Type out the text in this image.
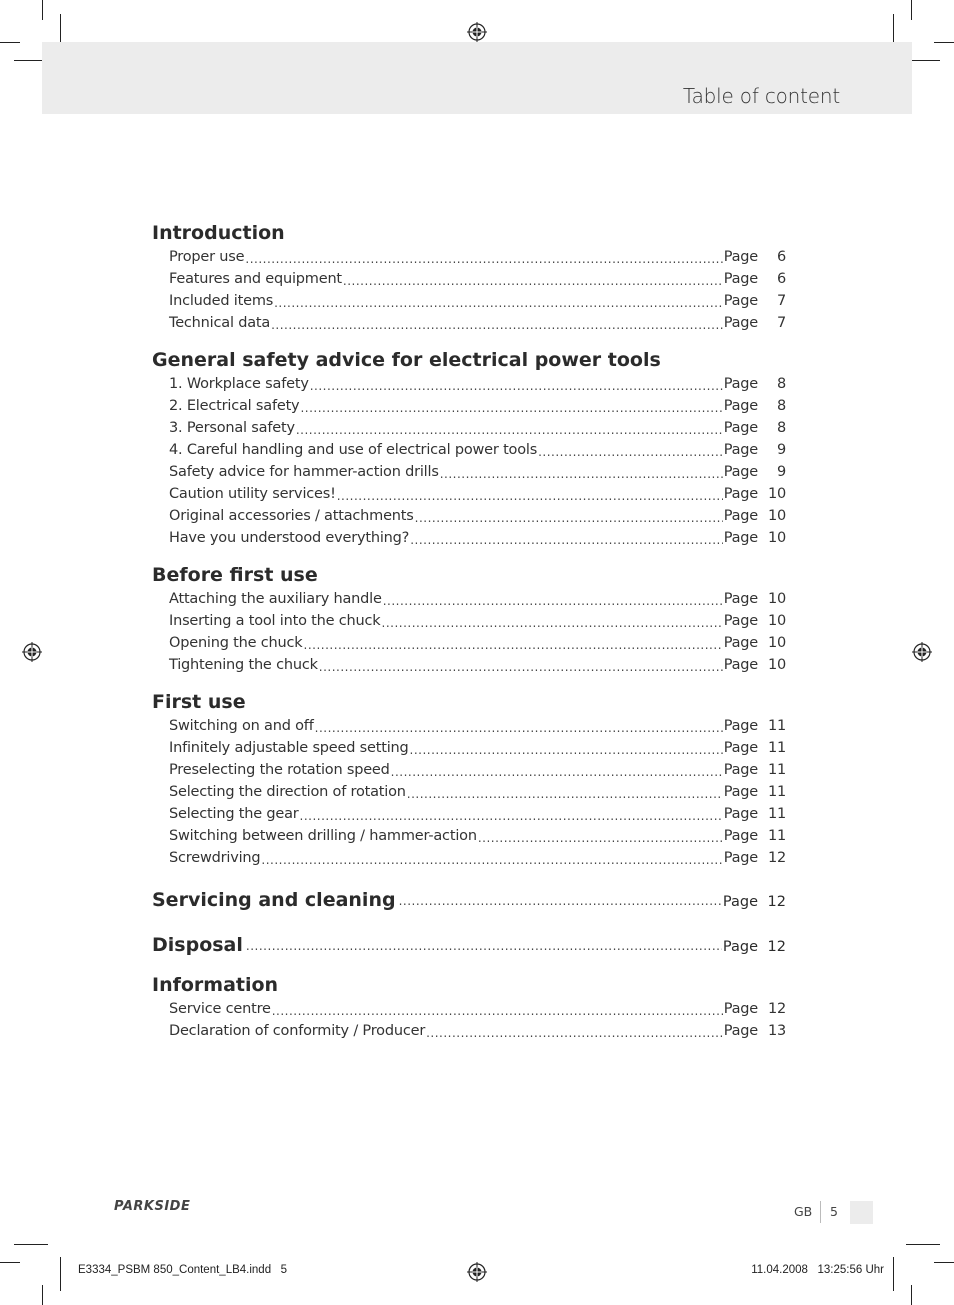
Table of content
Introduction
Proper use .....	Page	6
Features and equipment .....	Page	6
Included items .....	Page	7
Technical data .....	Page	7
General safety advice for electrical power tools
1. Workplace safety .....	Page	8
2. Electrical safety .....	Page	8
3. Personal safety .....	Page	8
4. Careful handling and use of electrical power tools .....	Page	9
Safety advice for hammer-action drills .....	Page	9
Caution utility services! .....	Page 10
Original accessories / attachments .....	Page 10
Have you understood everything? .....	Page 10
Before first use
Attaching the auxiliary handle .....	Page 10
Inserting a tool into the chuck .....	Page 10
Opening the chuck .....	Page 10
Tightening the chuck .....	Page 10
First use
Switching on and off .....	Page 11
Infinitely adjustable speed setting .....	Page 11
Preselecting the rotation speed .....	Page 11
Selecting the direction of rotation .....	Page 11
Selecting the gear .....	Page 11
Switching between drilling / hammer-action .....	Page 11
Screwdriving .....	Page 12
Servicing and cleaning .....	Page 12
Disposal .....	Page 12
Information
Service centre .....	Page 12
Declaration of conformity / Producer .....	Page 13
PARKSIDE	GB 5
E3334_PSBM 850_Content_LB4.indd   5	11.04.2008   13:25:56 Uhr
